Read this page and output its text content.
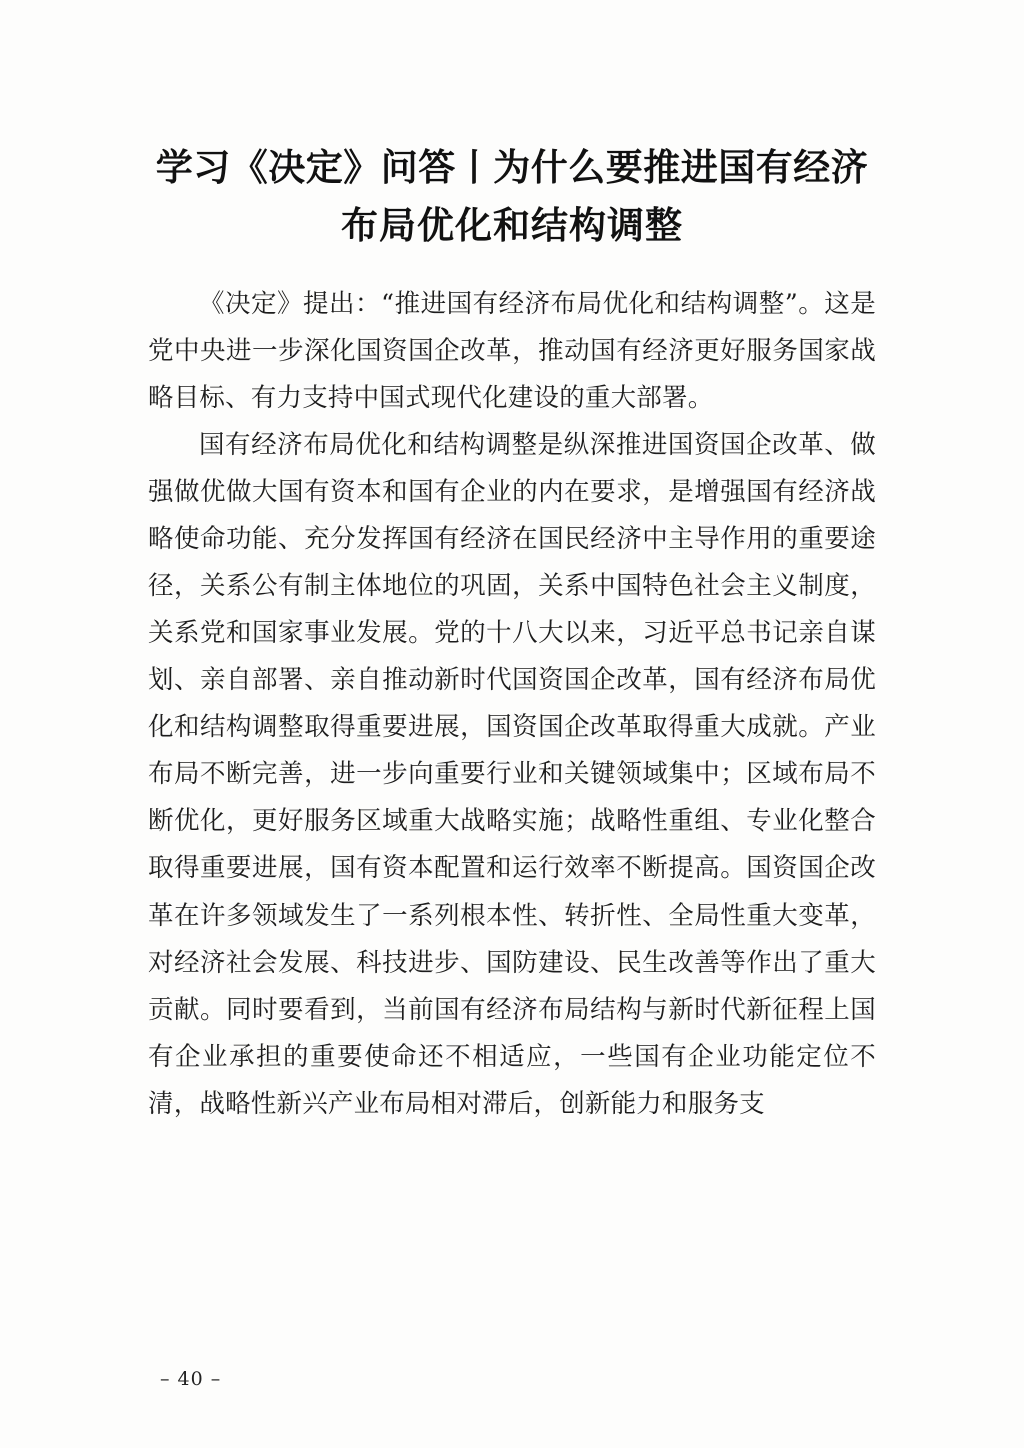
学习《决定》问答丨为什么要推进国有经济
布局优化和结构调整

《决定》提出：“推进国有经济布局优化和结构调整”。这是党中央进一步深化国资国企改革，推动国有经济更好服务国家战略目标、有力支持中国式现代化建设的重大部署。

国有经济布局优化和结构调整是纵深推进国资国企改革、做强做优做大国有资本和国有企业的内在要求，是增强国有经济战略使命功能、充分发挥国有经济在国民经济中主导作用的重要途径，关系公有制主体地位的巩固，关系中国特色社会主义制度，关系党和国家事业发展。党的十八大以来，习近平总书记亲自谋划、亲自部署、亲自推动新时代国资国企改革，国有经济布局优化和结构调整取得重要进展，国资国企改革取得重大成就。产业布局不断完善，进一步向重要行业和关键领域集中；区域布局不断优化，更好服务区域重大战略实施；战略性重组、专业化整合取得重要进展，国有资本配置和运行效率不断提高。国资国企改革在许多领域发生了一系列根本性、转折性、全局性重大变革，对经济社会发展、科技进步、国防建设、民生改善等作出了重大贡献。同时要看到，当前国有经济布局结构与新时代新征程上国有企业承担的重要使命还不相适应，一些国有企业功能定位不清，战略性新兴产业布局相对滞后，创新能力和服务支

– 40 –
